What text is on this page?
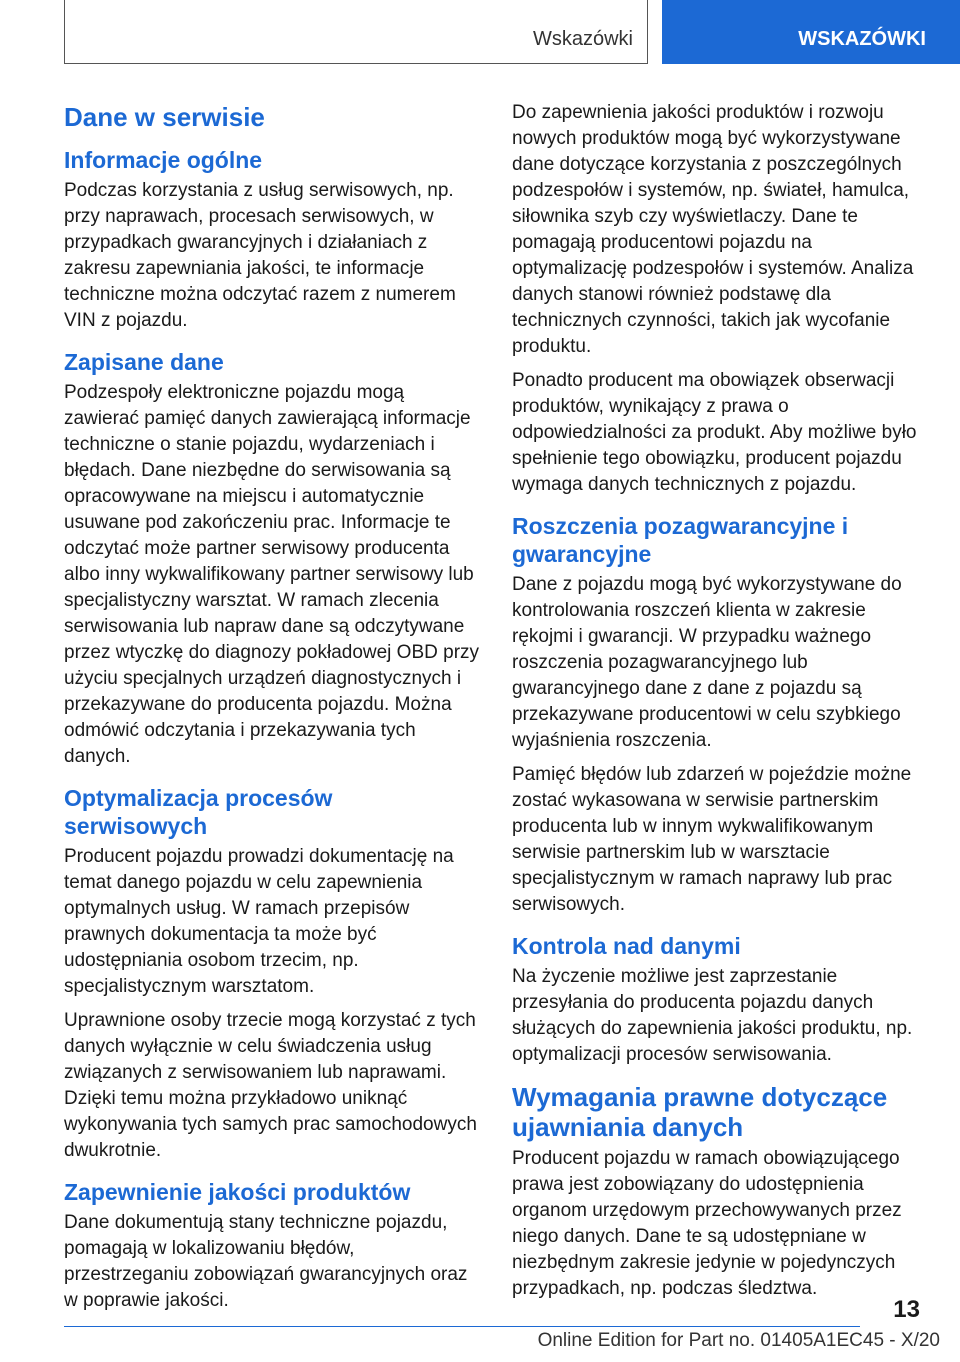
Wskazówki	WSKAZÓWKI
Dane w serwisie
Informacje ogólne

Podczas korzystania z usług serwisowych, np. przy naprawach, procesach serwisowych, w przypadkach gwarancyjnych i działaniach z zakresu zapewniania jakości, te informacje techniczne można odczytać razem z numerem VIN z pojazdu.

Zapisane dane

Podzespoły elektroniczne pojazdu mogą zawierać pamięć danych zawierającą informacje techniczne o stanie pojazdu, wydarzeniach i błędach. Dane niezbędne do serwisowania są opracowywane na miejscu i automatycznie usuwane pod zakończeniu prac. Informacje te odczytać może partner serwisowy producenta albo inny wykwalifikowany partner serwisowy lub specjalistyczny warsztat. W ramach zlecenia serwisowania lub napraw dane są odczytywane przez wtyczkę do diagnozy pokładowej OBD przy użyciu specjalnych urządzeń diagnostycznych i przekazywane do producenta pojazdu. Można odmówić odczytania i przekazywania tych danych.

Optymalizacja procesów serwisowych

Producent pojazdu prowadzi dokumentację na temat danego pojazdu w celu zapewnienia optymalnych usług. W ramach przepisów prawnych dokumentacja ta może być udostępniania osobom trzecim, np. specjalistycznym warsztatom.

Uprawnione osoby trzecie mogą korzystać z tych danych wyłącznie w celu świadczenia usług związanych z serwisowaniem lub naprawami. Dzięki temu można przykładowo uniknąć wykonywania tych samych prac samochodowych dwukrotnie.

Zapewnienie jakości produktów

Dane dokumentują stany techniczne pojazdu, pomagają w lokalizowaniu błędów, przestrzeganiu zobowiązań gwarancyjnych oraz w poprawie jakości.

Do zapewnienia jakości produktów i rozwoju nowych produktów mogą być wykorzystywane dane dotyczące korzystania z poszczególnych podzespołów i systemów, np. świateł, hamulca, siłownika szyb czy wyświetlaczy. Dane te pomagają producentowi pojazdu na optymalizację podzespołów i systemów. Analiza danych stanowi również podstawę dla technicznych czynności, takich jak wycofanie produktu.

Ponadto producent ma obowiązek obserwacji produktów, wynikający z prawa o odpowiedzialności za produkt. Aby możliwe było spełnienie tego obowiązku, producent pojazdu wymaga danych technicznych z pojazdu.

Roszczenia pozagwarancyjne i gwarancyjne

Dane z pojazdu mogą być wykorzystywane do kontrolowania roszczeń klienta w zakresie rękojmi i gwarancji. W przypadku ważnego roszczenia pozagwarancyjnego lub gwarancyjnego dane z dane z pojazdu są przekazywane producentowi w celu szybkiego wyjaśnienia roszczenia.

Pamięć błędów lub zdarzeń w pojeździe możne zostać wykasowana w serwisie partnerskim producenta lub w innym wykwalifikowanym serwisie partnerskim lub w warsztacie specjalistycznym w ramach naprawy lub prac serwisowych.

Kontrola nad danymi

Na życzenie możliwe jest zaprzestanie przesyłania do producenta pojazdu danych służących do zapewnienia jakości produktu, np. optymalizacji procesów serwisowania.

Wymagania prawne dotyczące ujawniania danych

Producent pojazdu w ramach obowiązującego prawa jest zobowiązany do udostępnienia organom urzędowym przechowywanych przez niego danych. Dane te są udostępniane w niezbędnym zakresie jedynie w pojedynczych przypadkach, np. podczas śledztwa.

13
Online Edition for Part no. 01405A1EC45 - X/20
